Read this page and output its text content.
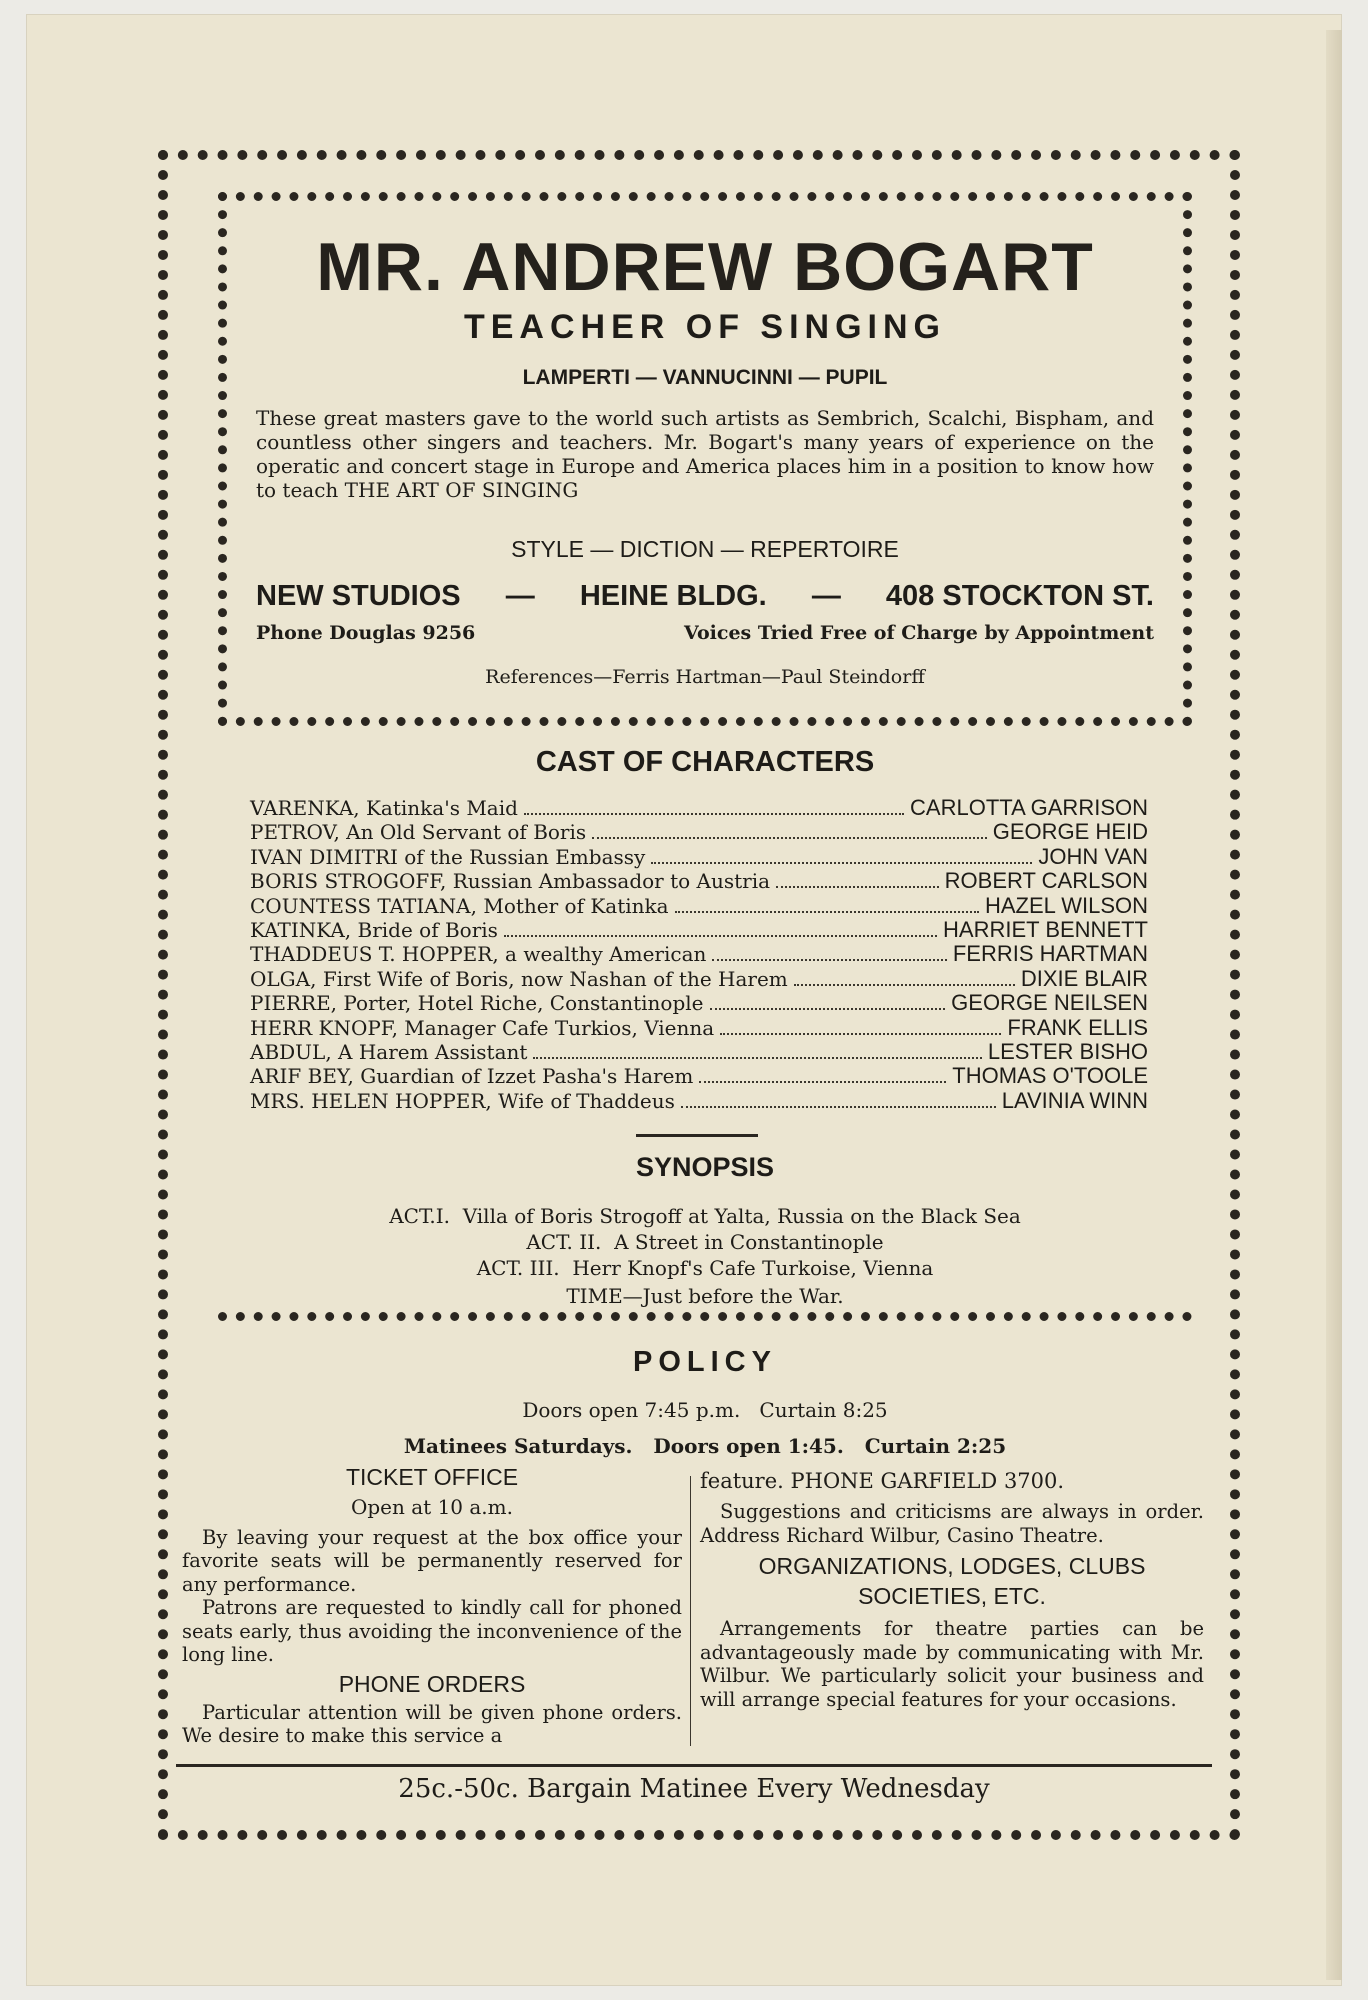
MR. ANDREW BOGART
TEACHER OF SINGING
LAMPERTI — VANNUCINNI — PUPIL
These great masters gave to the world such artists as Sembrich, Scalchi, Bispham, and countless other singers and teachers. Mr. Bogart's many years of experience on the operatic and concert stage in Europe and America places him in a position to know how to teach THE ART OF SINGING
STYLE — DICTION — REPERTOIRE
NEW STUDIOS — HEINE BLDG. — 408 STOCKTON ST.
Phone Douglas 9256	Voices Tried Free of Charge by Appointment
References—Ferris Hartman—Paul Steindorff
CAST OF CHARACTERS
VARENKA, Katinka's Maid	CARLOTTA GARRISON
PETROV, An Old Servant of Boris	GEORGE HEID
IVAN DIMITRI of the Russian Embassy	JOHN VAN
BORIS STROGOFF, Russian Ambassador to Austria	ROBERT CARLSON
COUNTESS TATIANA, Mother of Katinka	HAZEL WILSON
KATINKA, Bride of Boris	HARRIET BENNETT
THADDEUS T. HOPPER, a wealthy American	FERRIS HARTMAN
OLGA, First Wife of Boris, now Nashan of the Harem	DIXIE BLAIR
PIERRE, Porter, Hotel Riche, Constantinople	GEORGE NEILSEN
HERR KNOPF, Manager Cafe Turkios, Vienna	FRANK ELLIS
ABDUL, A Harem Assistant	LESTER BISHO
ARIF BEY, Guardian of Izzet Pasha's Harem	THOMAS O'TOOLE
MRS. HELEN HOPPER, Wife of Thaddeus	LAVINIA WINN
SYNOPSIS
ACT.I.  Villa of Boris Strogoff at Yalta, Russia on the Black Sea
ACT. II.  A Street in Constantinople
ACT. III.  Herr Knopf's Cafe Turkoise, Vienna
TIME—Just before the War.
POLICY
Doors open 7:45 p.m.   Curtain 8:25
Matinees Saturdays.   Doors open 1:45.   Curtain 2:25
TICKET OFFICE
Open at 10 a.m.

By leaving your request at the box office your favorite seats will be permanently reserved for any performance.

Patrons are requested to kindly call for phoned seats early, thus avoiding the inconvenience of the long line.

PHONE ORDERS

Particular attention will be given phone orders. We desire to make this service a

feature. PHONE GARFIELD 3700.

Suggestions and criticisms are always in order. Address Richard Wilbur, Casino Theatre.

ORGANIZATIONS, LODGES, CLUBS SOCIETIES, ETC.

Arrangements for theatre parties can be advantageously made by communicating with Mr. Wilbur. We particularly solicit your business and will arrange special features for your occasions.

25c.-50c. Bargain Matinee Every Wednesday
